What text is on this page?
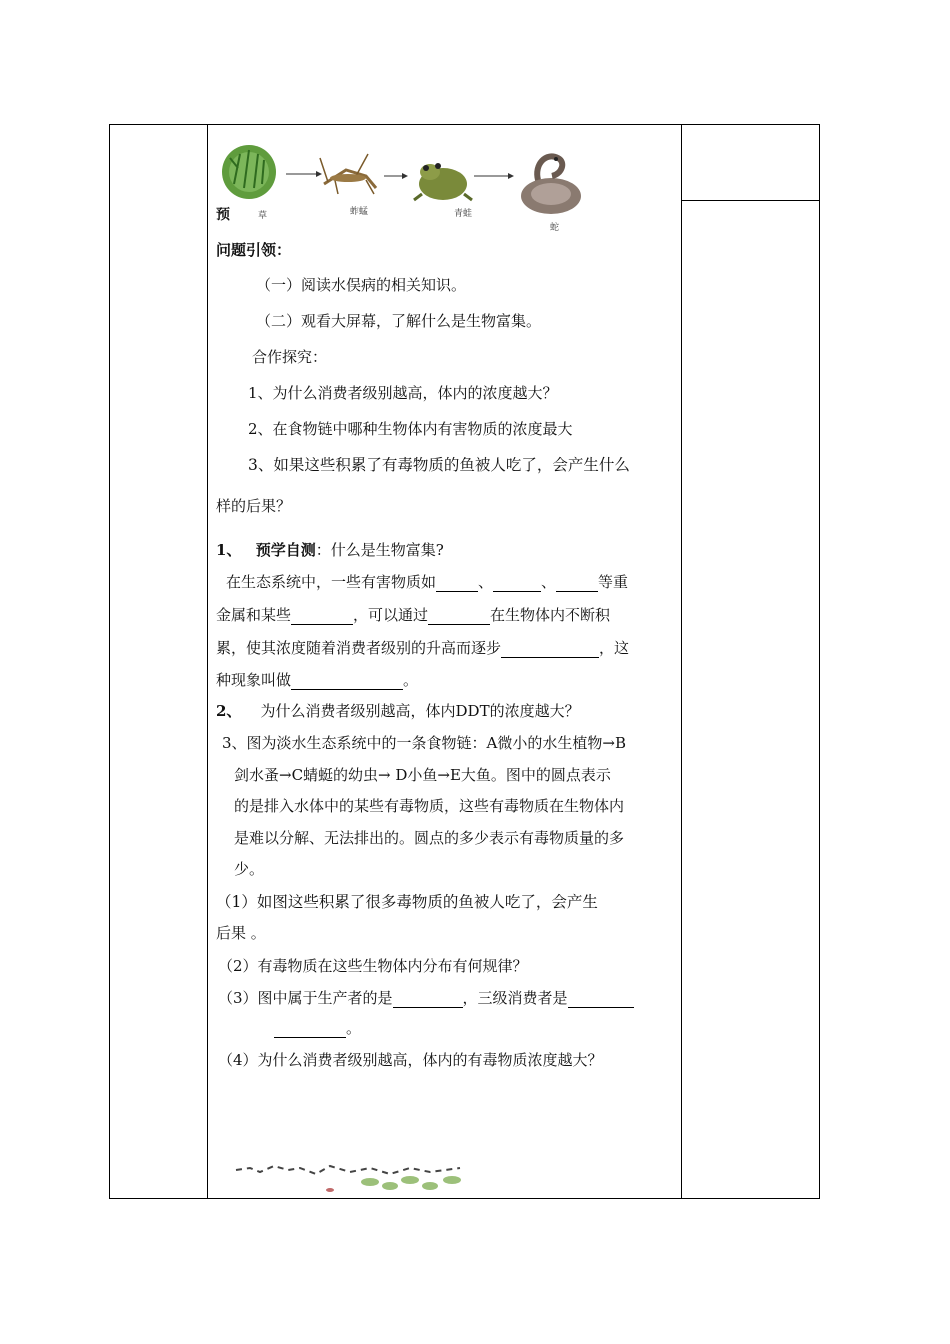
草	蚱蜢	青蛙
蛇
预
问题引领：
（一）阅读水俣病的相关知识。
（二）观看大屏幕，了解什么是生物富集。
合作探究：
1、为什么消费者级别越高，体内的浓度越大？
2、在食物链中哪种生物体内有害物质的浓度最大
3、如果这些积累了有毒物质的鱼被人吃了，会产生什么
样的后果？
1、 预学自测：什么是生物富集?
在生态系统中，一些有害物质如	、	、	等重
金属和某些	，可以通过	在生物体内不断积
累，使其浓度随着消费者级别的升高而逐步	，这
种现象叫做	。
2、 为什么消费者级别越高，体内DDT的浓度越大？
3、图为淡水生态系统中的一条食物链：A微小的水生植物→B
剑水蚤→C蜻蜓的幼虫→ D小鱼→E大鱼。图中的圆点表示
的是排入水体中的某些有毒物质，这些有毒物质在生物体内
是难以分解、无法排出的。圆点的多少表示有毒物质量的多
少。
（1）如图这些积累了很多毒物质的鱼被人吃了，会产生
后果 。
（2）有毒物质在这些生物体内分布有何规律？
（3）图中属于生产者的是	，三级消费者是
。
（4）为什么消费者级别越高，体内的有毒物质浓度越大？
